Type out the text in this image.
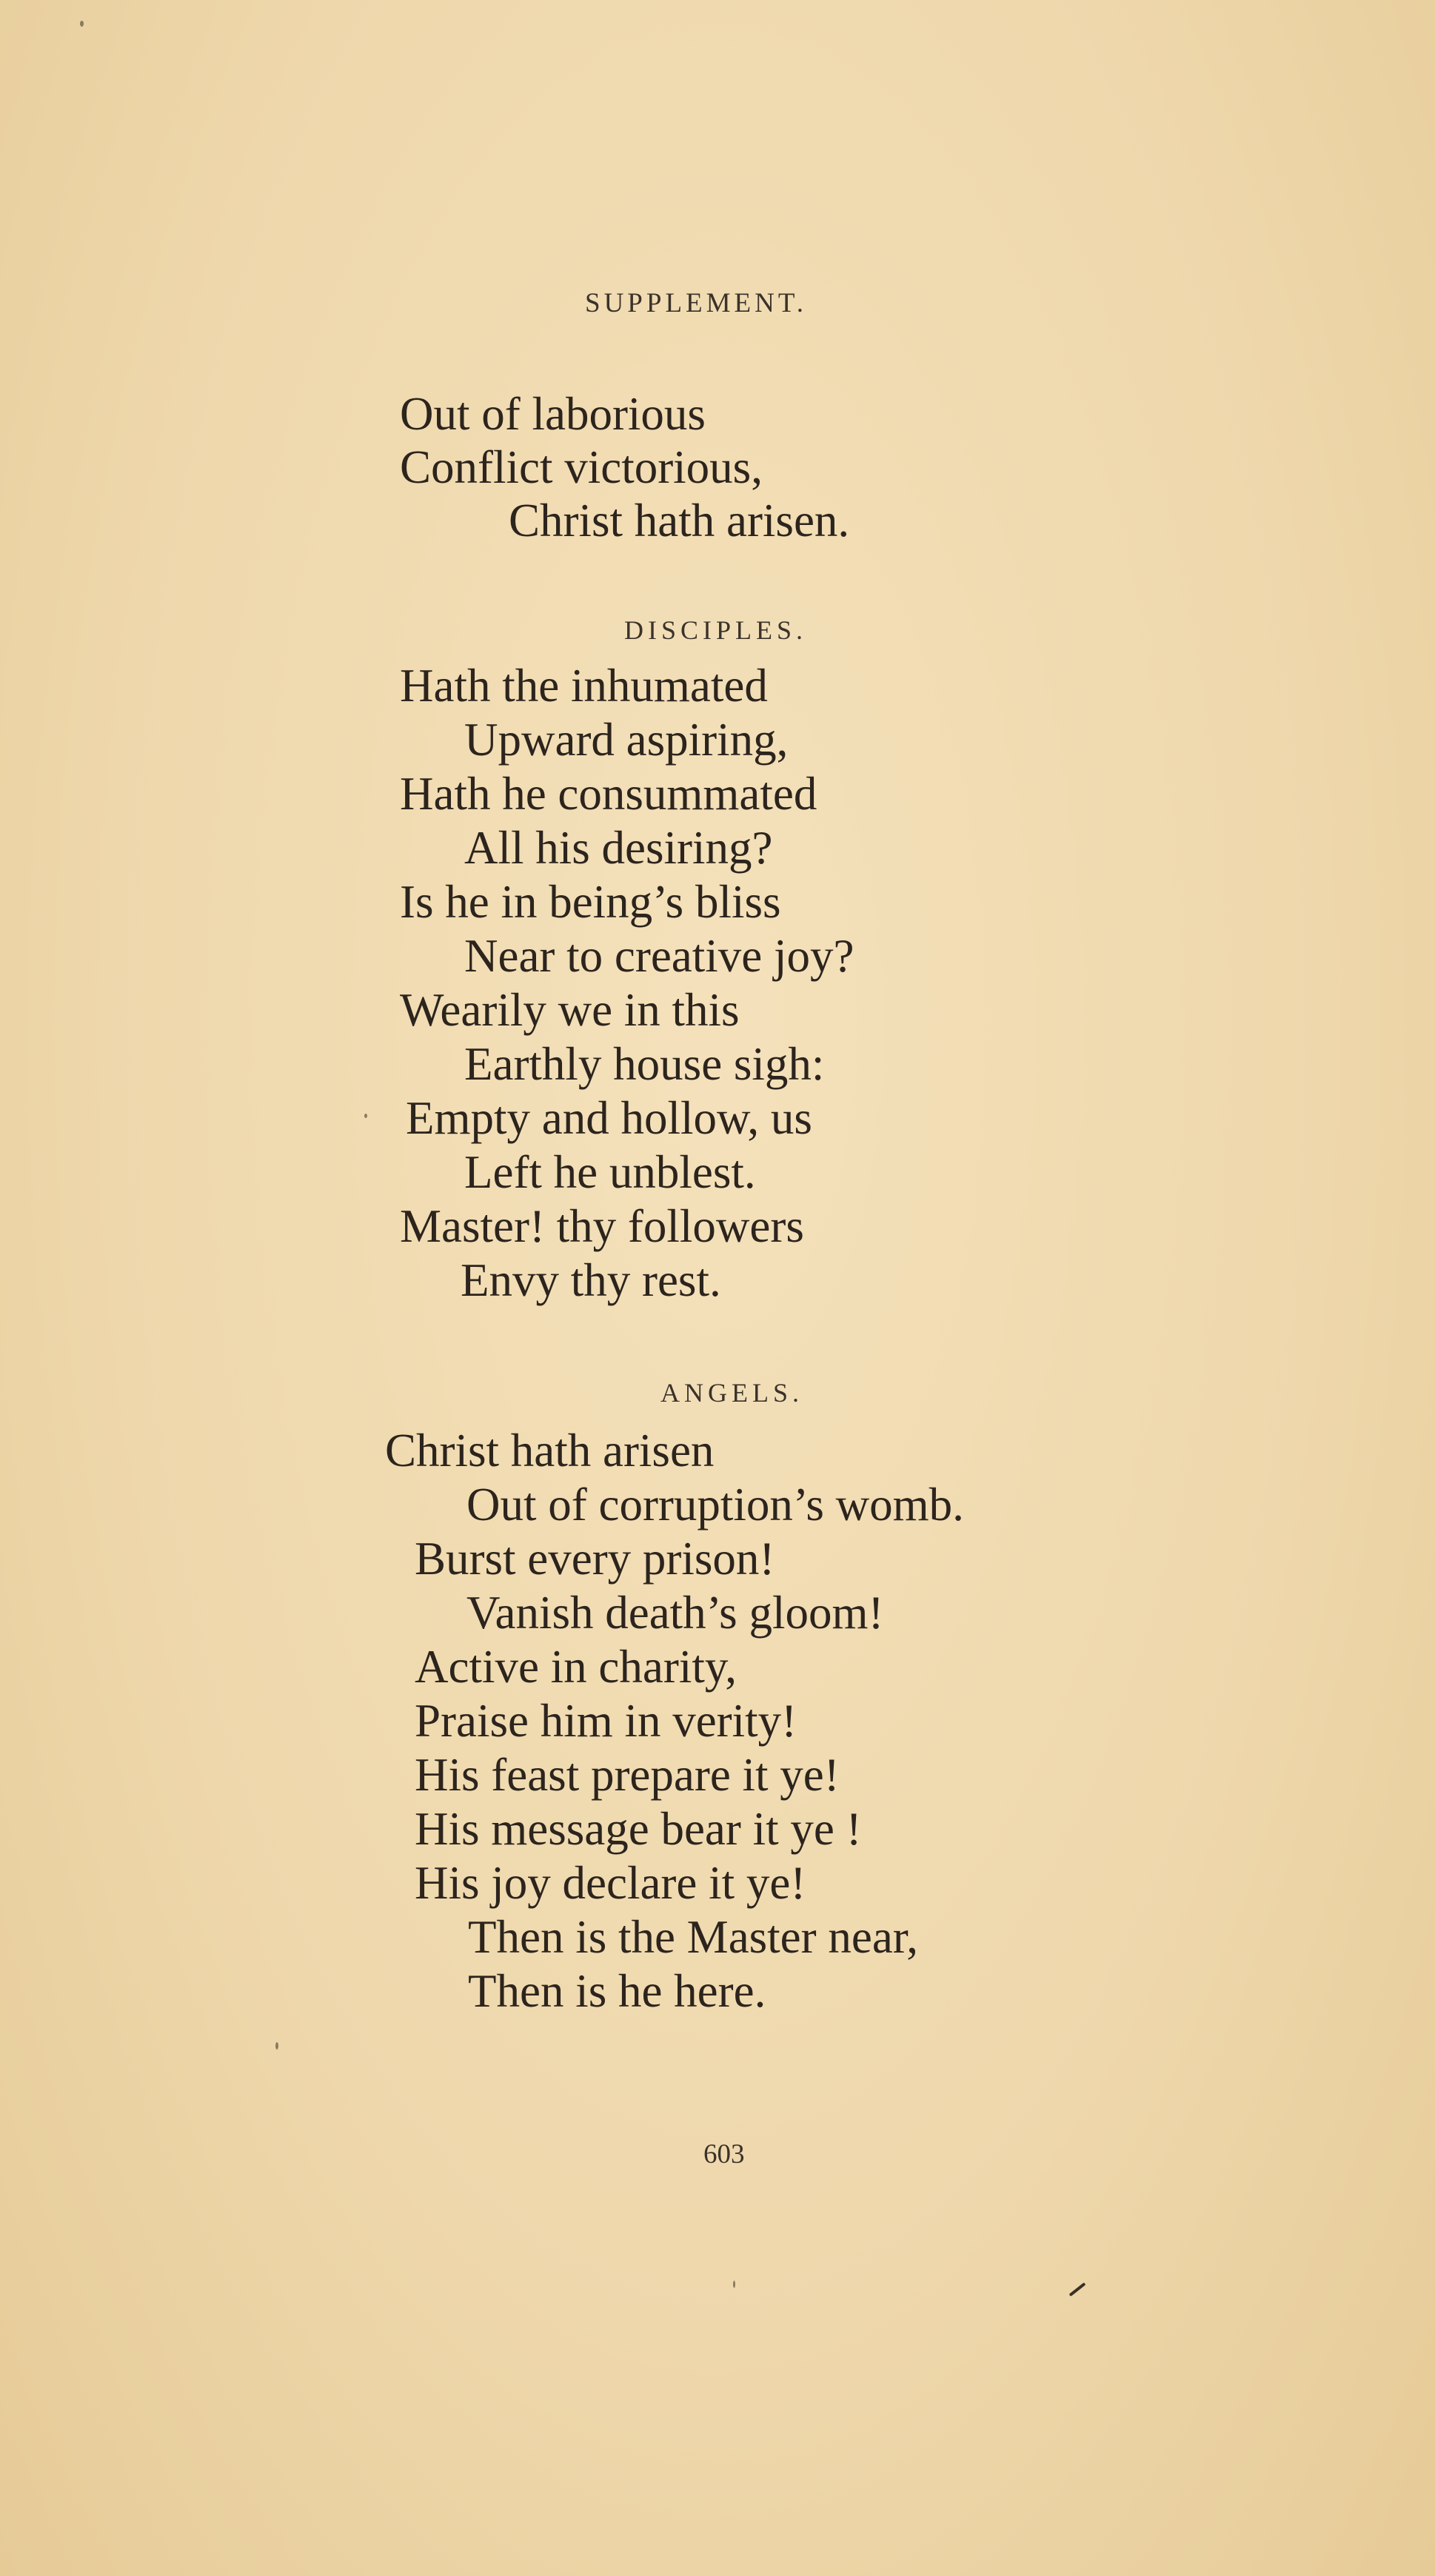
SUPPLEMENT.
Out of laborious
Conflict victorious,
Christ hath arisen.
DISCIPLES.
Hath the inhumated
Upward aspiring,
Hath he consummated
All his desiring?
Is he in being’s bliss
Near to creative joy?
Wearily we in this
Earthly house sigh:
Empty and hollow, us
Left he unblest.
Master! thy followers
Envy thy rest.
ANGELS.
Christ hath arisen
Out of corruption’s womb.
Burst every prison!
Vanish death’s gloom!
Active in charity,
Praise him in verity!
His feast prepare it ye!
His message bear it ye !
His joy declare it ye!
Then is the Master near,
Then is he here.
603
